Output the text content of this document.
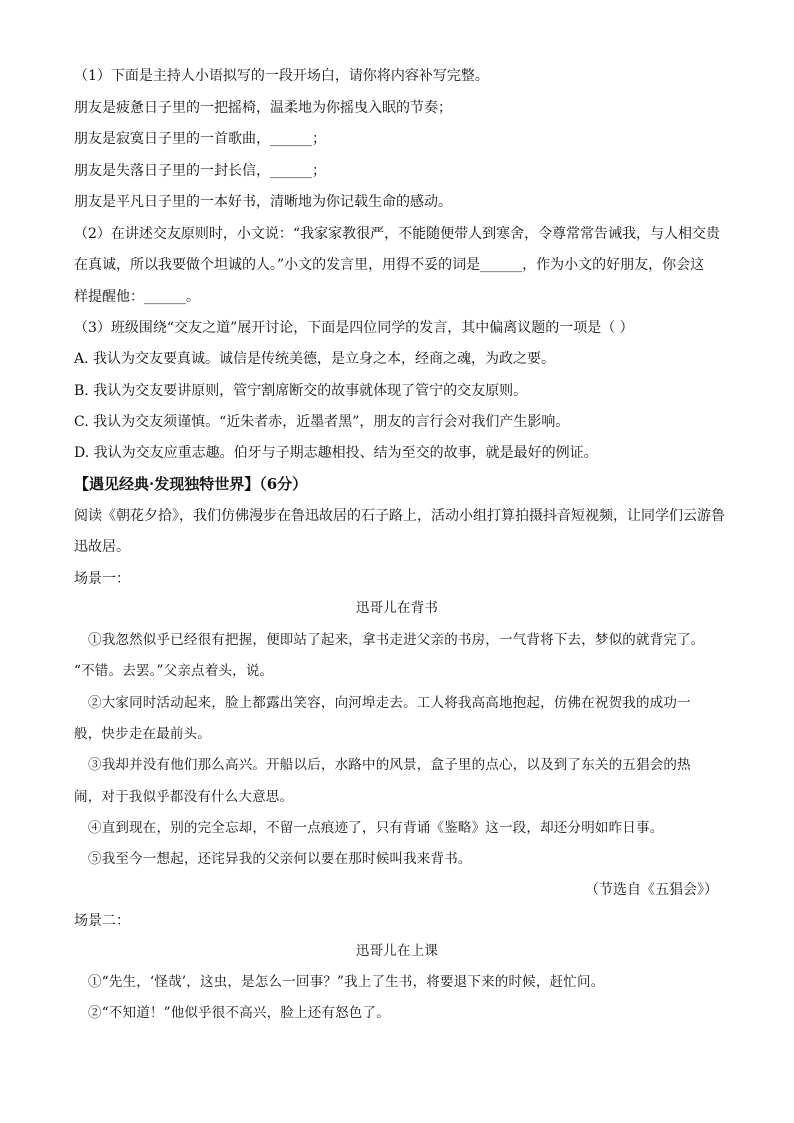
（1）下面是主持人小语拟写的一段开场白，请你将内容补写完整。
朋友是疲惫日子里的一把摇椅，温柔地为你摇曳入眠的节奏；
朋友是寂寞日子里的一首歌曲，______；
朋友是失落日子里的一封长信，______；
朋友是平凡日子里的一本好书，清晰地为你记载生命的感动。
（2）在讲述交友原则时，小文说：“我家家教很严，不能随便带人到寒舍，令尊常常告诫我，与人相交贵
在真诚，所以我要做个坦诚的人。”小文的发言里，用得不妥的词是______，作为小文的好朋友，你会这
样提醒他：______。
（3）班级围绕“交友之道”展开讨论，下面是四位同学的发言，其中偏离议题的一项是（ ）
A. 我认为交友要真诚。诚信是传统美德，是立身之本，经商之魂，为政之要。
B. 我认为交友要讲原则，管宁割席断交的故事就体现了管宁的交友原则。
C. 我认为交友须谨慎。“近朱者赤，近墨者黑”，朋友的言行会对我们产生影响。
D. 我认为交友应重志趣。伯牙与子期志趣相投、结为至交的故事，就是最好的例证。
【遇见经典·发现独特世界】（6分）
阅读《朝花夕拾》，我们仿佛漫步在鲁迅故居的石子路上，活动小组打算拍摄抖音短视频，让同学们云游鲁
迅故居。
场景一：
迅哥儿在背书
①我忽然似乎已经很有把握，便即站了起来，拿书走进父亲的书房，一气背将下去，梦似的就背完了。
“不错。去罢。”父亲点着头，说。
②大家同时活动起来，脸上都露出笑容，向河埠走去。工人将我高高地抱起，仿佛在祝贺我的成功一
般，快步走在最前头。
③我却并没有他们那么高兴。开船以后，水路中的风景，盒子里的点心，以及到了东关的五猖会的热
闹，对于我似乎都没有什么大意思。
④直到现在，别的完全忘却，不留一点痕迹了，只有背诵《鉴略》这一段，却还分明如昨日事。
⑤我至今一想起，还诧异我的父亲何以要在那时候叫我来背书。
（节选自《五猖会》）
场景二：
迅哥儿在上课
①“先生，‘怪哉’，这虫，是怎么一回事？”我上了生书，将要退下来的时候，赶忙问。
②“不知道！”他似乎很不高兴，脸上还有怒色了。
